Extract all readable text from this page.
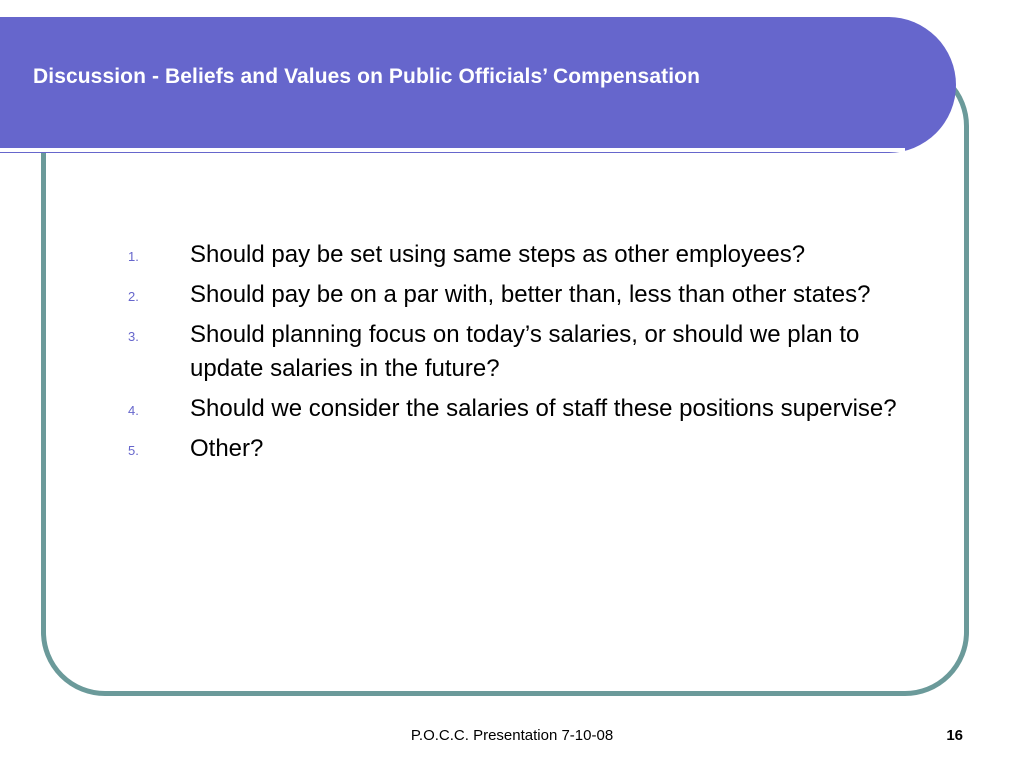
Discussion - Beliefs and Values on Public Officials’ Compensation
1.	Should pay be set using same steps as other employees?
2.	Should pay be on a par with, better than, less than other states?
3.	Should planning focus on today’s salaries, or should we plan to update salaries in the future?
4.	Should we consider the salaries of staff these positions supervise?
5.	Other?
P.O.C.C. Presentation 7-10-08	16
